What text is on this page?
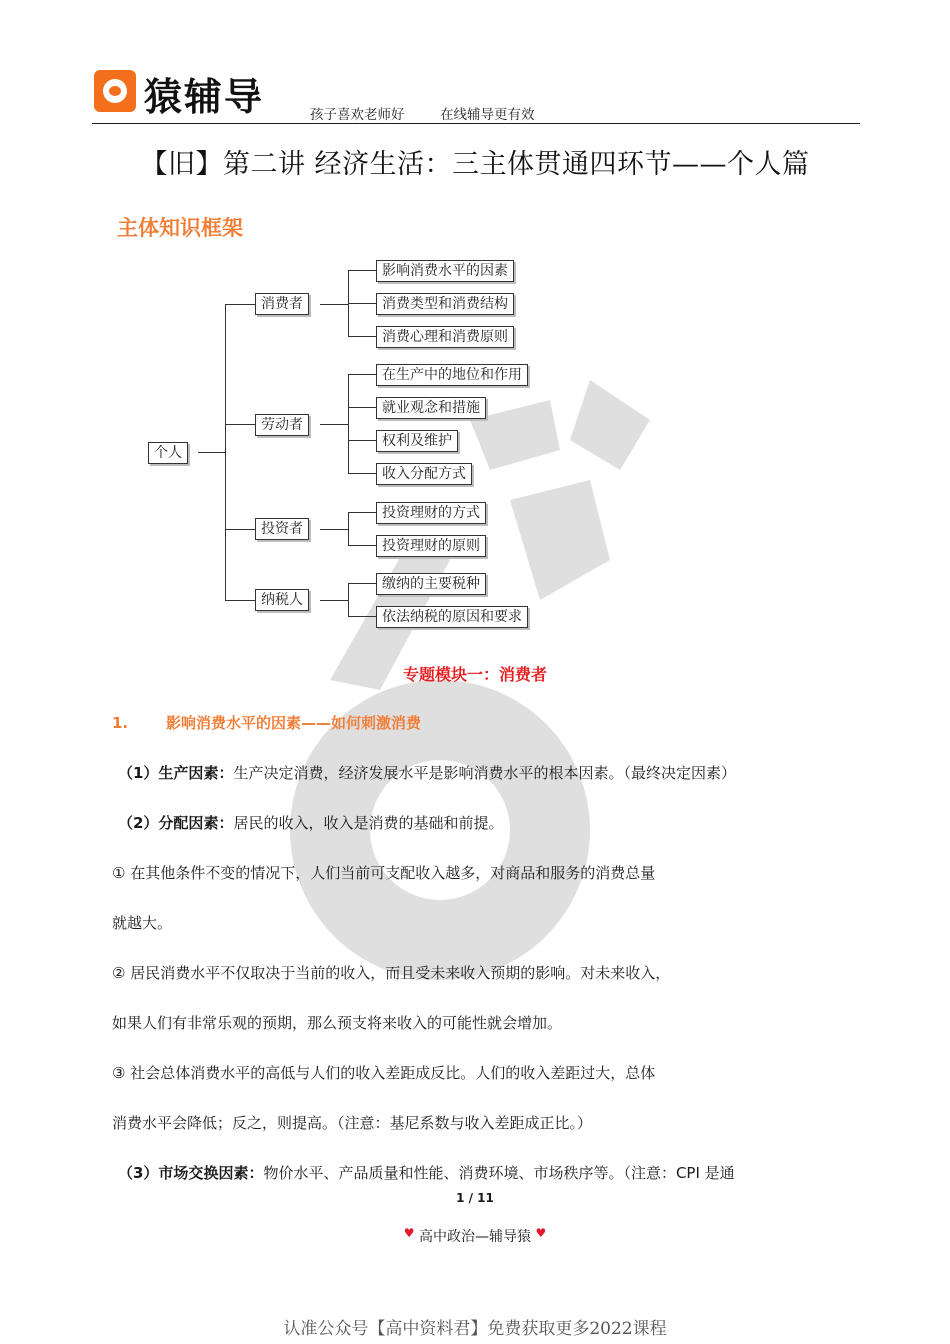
猿辅导	孩子喜欢老师好	在线辅导更有效
【旧】第二讲 经济生活：三主体贯通四环节——个人篇
主体知识框架
个人
消费者
影响消费水平的因素
消费类型和消费结构
消费心理和消费原则
劳动者
在生产中的地位和作用
就业观念和措施
权利及维护
收入分配方式
投资者
投资理财的方式
投资理财的原则
纳税人
缴纳的主要税种
依法纳税的原因和要求
专题模块一：消费者
1.	影响消费水平的因素——如何刺激消费
（1）生产因素：生产决定消费，经济发展水平是影响消费水平的根本因素。（最终决定因素）
（2）分配因素：居民的收入，收入是消费的基础和前提。
① 在其他条件不变的情况下，人们当前可支配收入越多，对商品和服务的消费总量
就越大。
② 居民消费水平不仅取决于当前的收入，而且受未来收入预期的影响。对未来收入，
如果人们有非常乐观的预期，那么预支将来收入的可能性就会增加。
③ 社会总体消费水平的高低与人们的收入差距成反比。人们的收入差距过大，总体
消费水平会降低；反之，则提高。（注意：基尼系数与收入差距成正比。）
（3）市场交换因素：物价水平、产品质量和性能、消费环境、市场秩序等。（注意：CPI 是通
1 / 11
♥ 高中政治—辅导猿 ♥
认准公众号【高中资料君】免费获取更多2022课程
